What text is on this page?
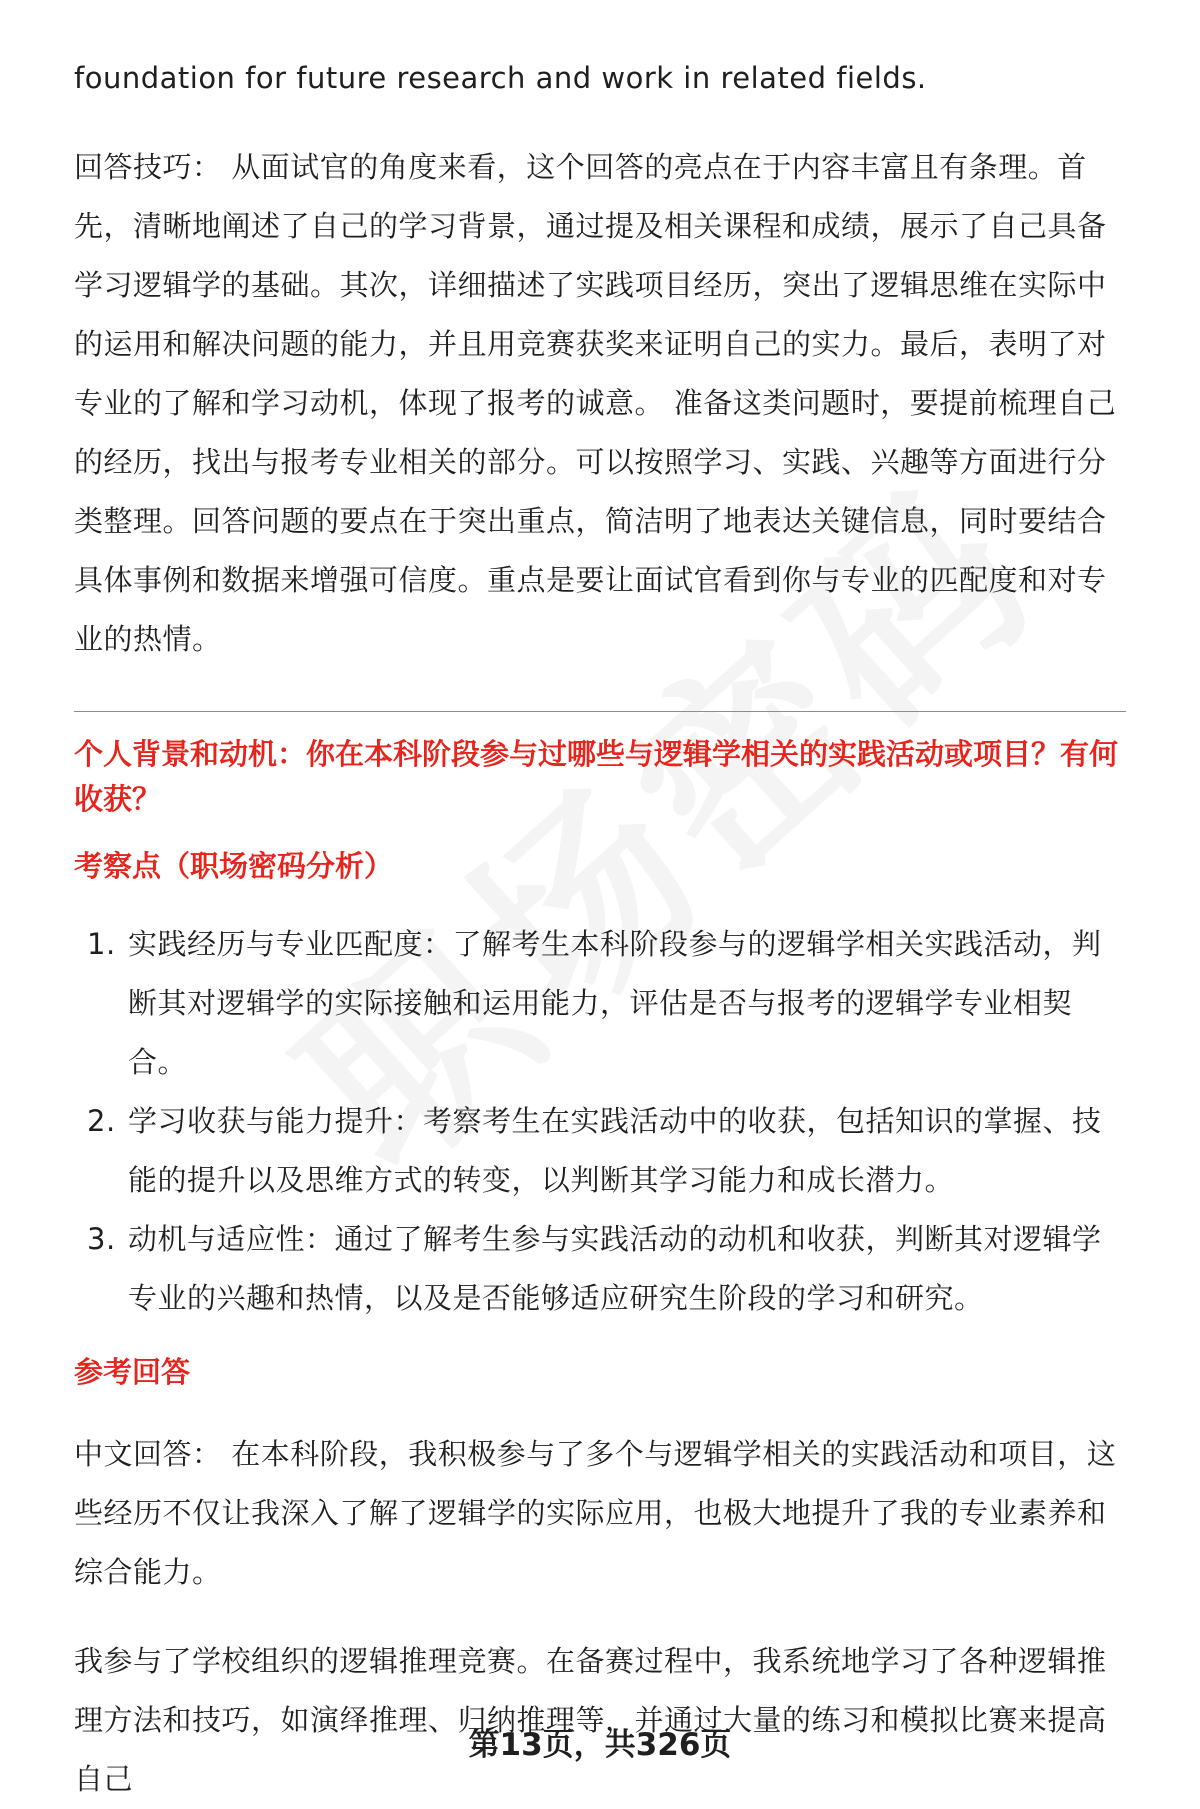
foundation for future research and work in related fields.

回答技巧： 从面试官的角度来看，这个回答的亮点在于内容丰富且有条理。首先，清晰地阐述了自己的学习背景，通过提及相关课程和成绩，展示了自己具备学习逻辑学的基础。其次，详细描述了实践项目经历，突出了逻辑思维在实际中的运用和解决问题的能力，并且用竞赛获奖来证明自己的实力。最后，表明了对专业的了解和学习动机，体现了报考的诚意。 准备这类问题时，要提前梳理自己的经历，找出与报考专业相关的部分。可以按照学习、实践、兴趣等方面进行分类整理。回答问题的要点在于突出重点，简洁明了地表达关键信息，同时要结合具体事例和数据来增强可信度。重点是要让面试官看到你与专业的匹配度和对专业的热情。

个人背景和动机：你在本科阶段参与过哪些与逻辑学相关的实践活动或项目？有何收获？

考察点（职场密码分析）

1. 实践经历与专业匹配度：了解考生本科阶段参与的逻辑学相关实践活动，判断其对逻辑学的实际接触和运用能力，评估是否与报考的逻辑学专业相契合。
2. 学习收获与能力提升：考察考生在实践活动中的收获，包括知识的掌握、技能的提升以及思维方式的转变，以判断其学习能力和成长潜力。
3. 动机与适应性：通过了解考生参与实践活动的动机和收获，判断其对逻辑学专业的兴趣和热情，以及是否能够适应研究生阶段的学习和研究。

参考回答

中文回答： 在本科阶段，我积极参与了多个与逻辑学相关的实践活动和项目，这些经历不仅让我深入了解了逻辑学的实际应用，也极大地提升了我的专业素养和综合能力。

我参与了学校组织的逻辑推理竞赛。在备赛过程中，我系统地学习了各种逻辑推理方法和技巧，如演绎推理、归纳推理等，并通过大量的练习和模拟比赛来提高自己

第13页，共326页
